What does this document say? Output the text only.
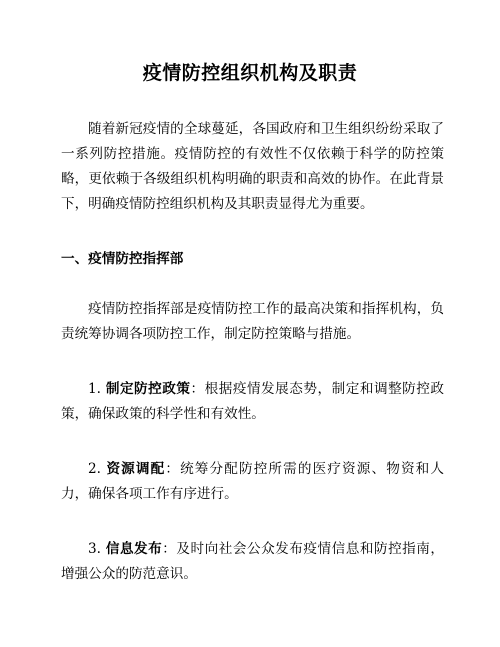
疫情防控组织机构及职责

随着新冠疫情的全球蔓延，各国政府和卫生组织纷纷采取了一系列防控措施。疫情防控的有效性不仅依赖于科学的防控策略，更依赖于各级组织机构明确的职责和高效的协作。在此背景下，明确疫情防控组织机构及其职责显得尤为重要。

一、疫情防控指挥部

疫情防控指挥部是疫情防控工作的最高决策和指挥机构，负责统筹协调各项防控工作，制定防控策略与措施。

1. 制定防控政策：根据疫情发展态势，制定和调整防控政策，确保政策的科学性和有效性。

2. 资源调配：统筹分配防控所需的医疗资源、物资和人力，确保各项工作有序进行。

3. 信息发布：及时向社会公众发布疫情信息和防控指南，增强公众的防范意识。
